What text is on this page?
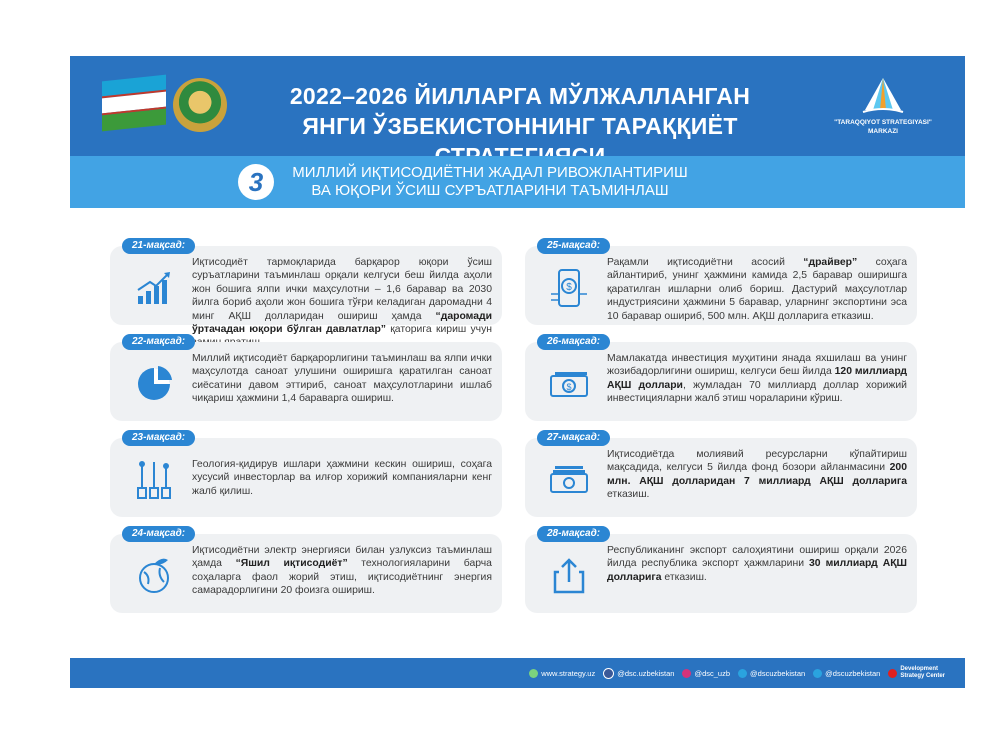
2022–2026 ЙИЛЛАРГА МЎЛЖАЛЛАНГАН
ЯНГИ ЎЗБЕКИСТОННИНГ ТАРАҚҚИЁТ	"TARAQQIYOT STRATEGIYASI"
MARKAZI
3	МИЛЛИЙ ИҚТИСОДИЁТНИ ЖАДАЛ РИВОЖЛАНТИРИШ
ВА ЮҚОРИ ЎСИШ СУРЪАТЛАРИНИ ТАЪМИНЛАШ
21-мақсад:
Иқтисодиёт тармоқларида барқарор юқори ўсиш суръатларини таъминлаш орқали келгуси беш йилда аҳоли жон бошига ялпи ички маҳсулотни – 1,6 баравар ва 2030 йилга бориб аҳоли жон бошига тўғри келадиган даромадни 4 минг АҚШ долларидан ошириш ҳамда “даромади ўртачадан юқори бўлган давлатлар” қаторига кириш учун
22-мақсад:
Миллий иқтисодиёт барқарорлигини таъминлаш ва ялпи ички маҳсулотда саноат улушини оширишга қаратилган саноат сиёсатини давом эттириб, саноат маҳсулотларини ишлаб чиқариш ҳажмини 1,4 бараварга ошириш.
23-мақсад:
Геология-қидирув ишлари ҳажмини кескин ошириш, соҳага хусусий инвесторлар ва илғор хорижий компанияларни кенг жалб қилиш.
24-мақсад:
Иқтисодиётни электр энергияси билан узлуксиз таъминлаш ҳамда “Яшил иқтисодиёт” технологияларини барча соҳаларга фаол жорий этиш, иқтисодиётнинг энергия самарадорлигини 20 фоизга ошириш.
25-мақсад:
$
Рақамли иқтисодиётни асосий “драйвер” соҳага айлантириб, унинг ҳажмини камида 2,5 баравар оширишга қаратилган ишларни олиб бориш. Дастурий маҳсулотлар индустриясини ҳажмини 5 баравар, уларнинг экспортини эса 10 баравар ошириб, 500 млн. АҚШ долларига етказиш.
26-мақсад:
$
Мамлакатда инвестиция муҳитини янада яхшилаш ва унинг жозибадорлигини ошириш, келгуси беш йилда 120 миллиард АҚШ доллари, жумладан 70 миллиард доллар хорижий инвестицияларни жалб этиш чораларини кўриш.
27-мақсад:
Иқтисодиётда молиявий ресурсларни кўпайтириш мақсадида, келгуси 5 йилда фонд бозори айланмасини 200 млн. АҚШ долларидан 7 миллиард АҚШ долларига етказиш.
28-мақсад:
Республиканинг экспорт салоҳиятини ошириш орқали 2026 йилда республика экспорт ҳажмларини 30 миллиард АҚШ долларига етказиш.
www.strategy.uz	@dsc.uzbekistan	@dsc_uzb	@dscuzbekistan	@dscuzbekistan	Development
Strategy Center
